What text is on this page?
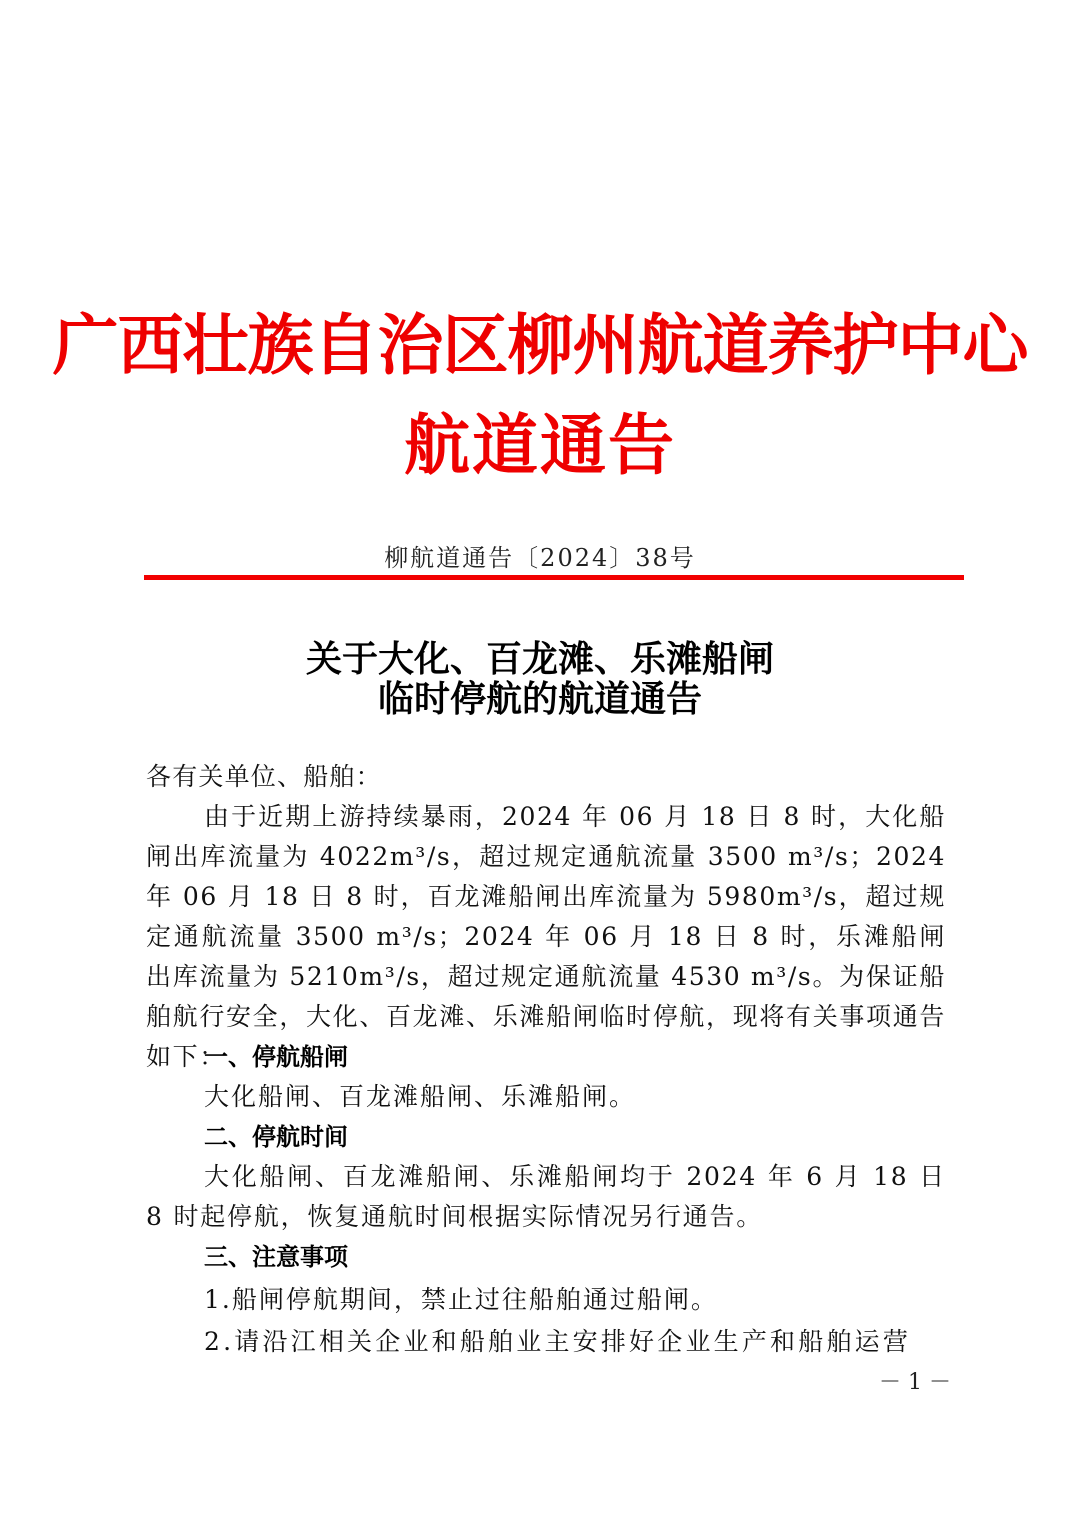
广西壮族自治区柳州航道养护中心
航道通告
柳航道通告〔2024〕38号
关于大化、百龙滩、乐滩船闸
临时停航的航道通告
各有关单位、船舶：
由于近期上游持续暴雨，2024 年 06 月 18 日 8 时，大化船闸出库流量为 4022m³/s，超过规定通航流量 3500 m³/s；2024 年 06 月 18 日 8 时，百龙滩船闸出库流量为 5980m³/s，超过规定通航流量 3500 m³/s；2024 年 06 月 18 日 8 时，乐滩船闸出库流量为 5210m³/s，超过规定通航流量 4530 m³/s。为保证船舶航行安全，大化、百龙滩、乐滩船闸临时停航，现将有关事项通告如下：
一、停航船闸
大化船闸、百龙滩船闸、乐滩船闸。
二、停航时间
大化船闸、百龙滩船闸、乐滩船闸均于 2024 年 6 月 18 日 8 时起停航，恢复通航时间根据实际情况另行通告。
三、注意事项
1.船闸停航期间，禁止过往船舶通过船闸。
2.请沿江相关企业和船舶业主安排好企业生产和船舶运营
－ 1 －
